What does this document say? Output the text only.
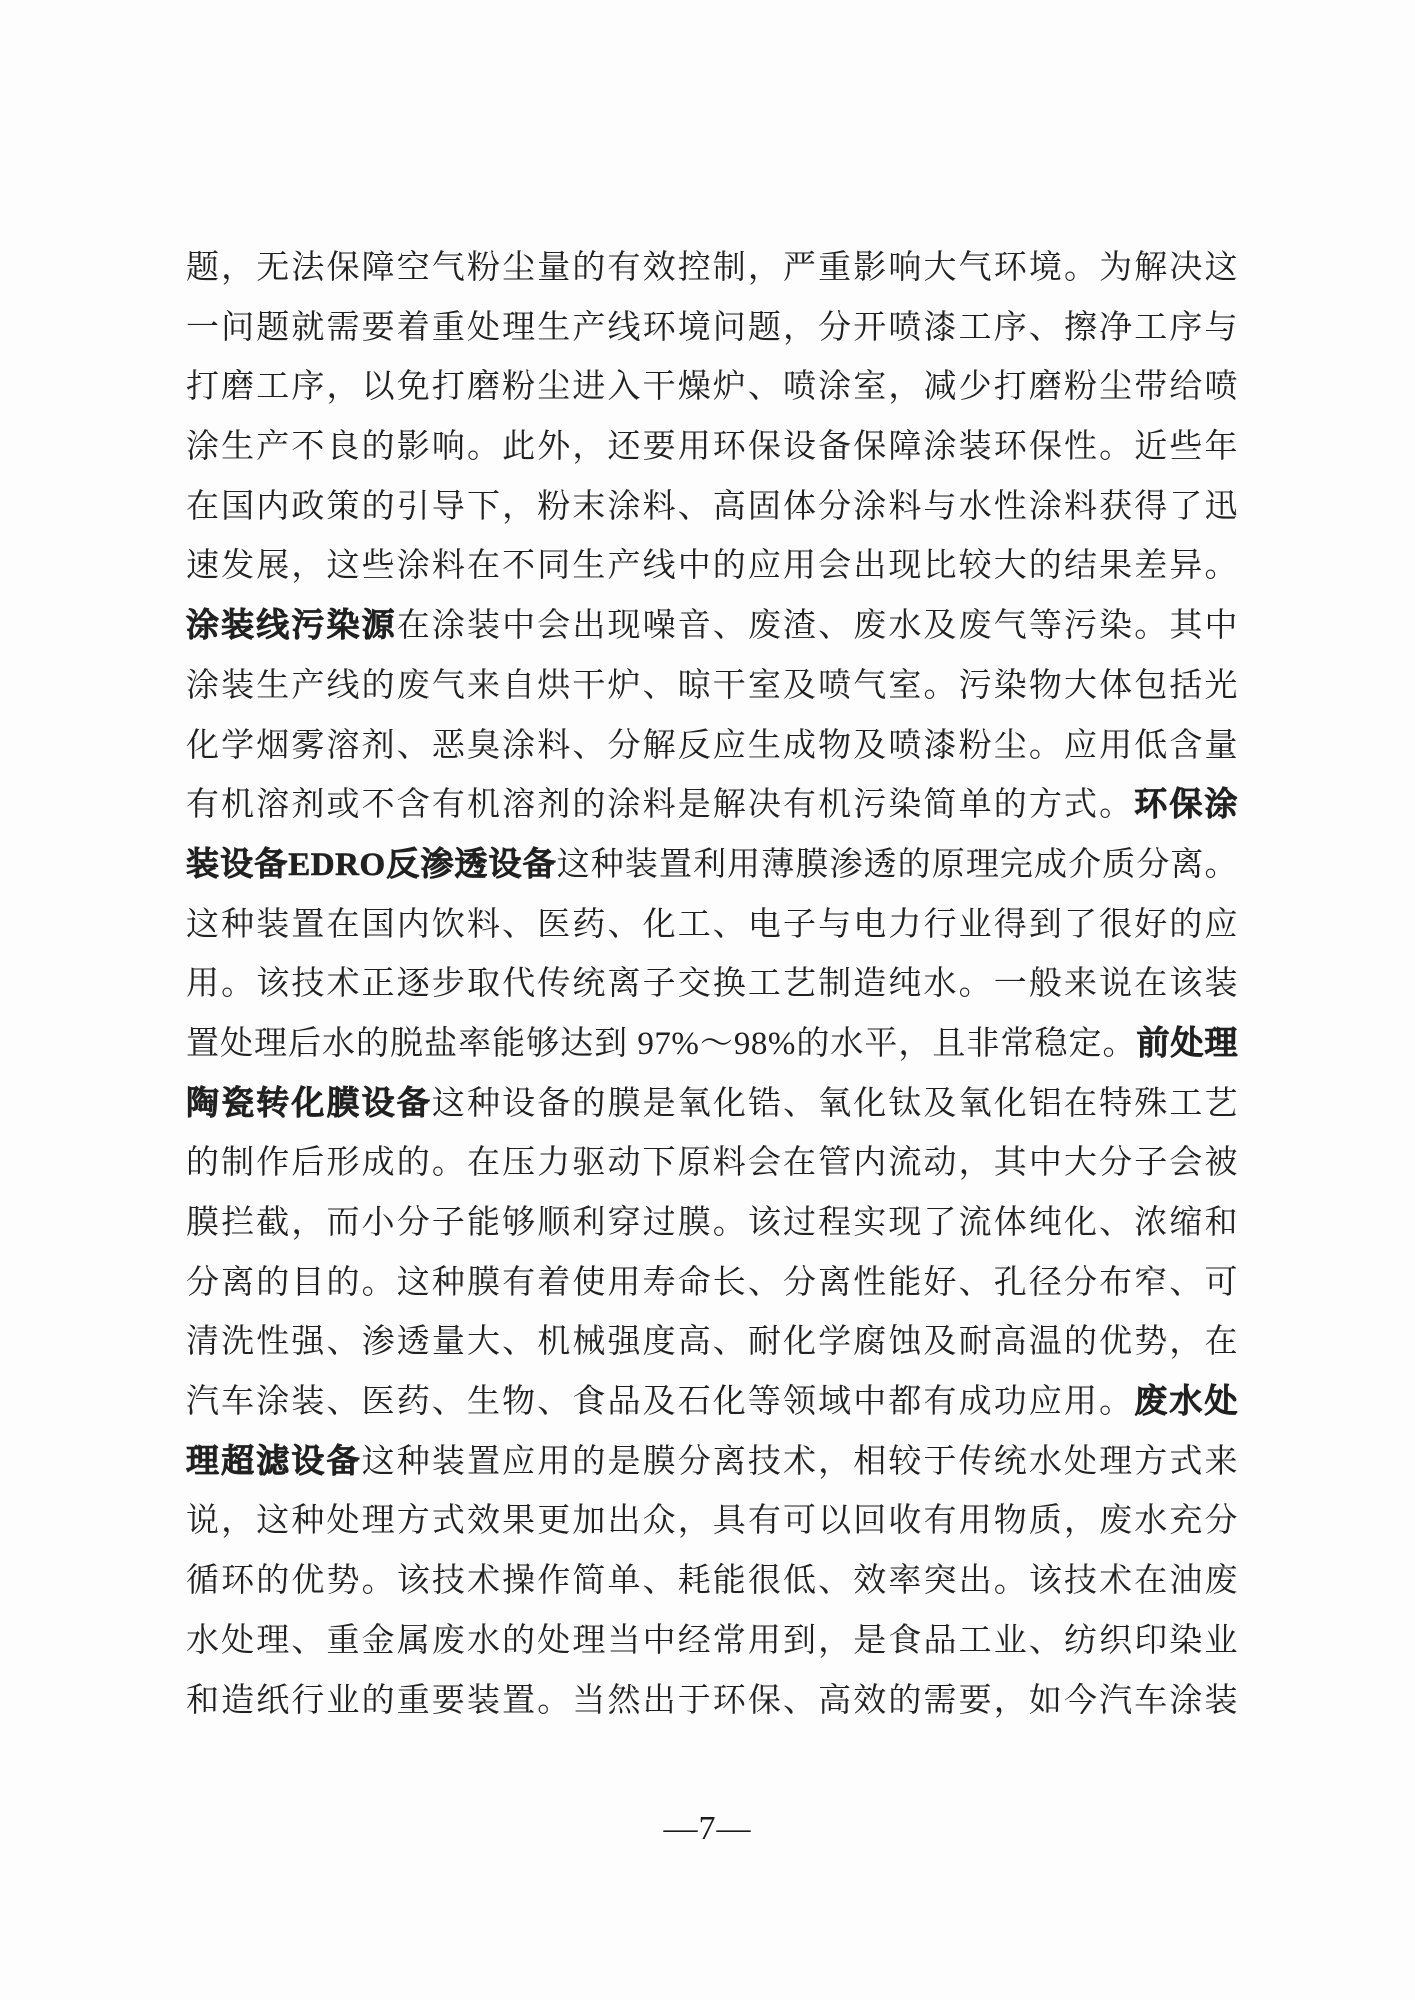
题，无法保障空气粉尘量的有效控制，严重影响大气环境。为解决这
一问题就需要着重处理生产线环境问题，分开喷漆工序、擦净工序与
打磨工序，以免打磨粉尘进入干燥炉、喷涂室，减少打磨粉尘带给喷
涂生产不良的影响。此外，还要用环保设备保障涂装环保性。近些年
在国内政策的引导下，粉末涂料、高固体分涂料与水性涂料获得了迅
速发展，这些涂料在不同生产线中的应用会出现比较大的结果差异。
涂装线污染源在涂装中会出现噪音、废渣、废水及废气等污染。其中
涂装生产线的废气来自烘干炉、晾干室及喷气室。污染物大体包括光
化学烟雾溶剂、恶臭涂料、分解反应生成物及喷漆粉尘。应用低含量
有机溶剂或不含有机溶剂的涂料是解决有机污染简单的方式。环保涂
装设备EDRO反渗透设备这种装置利用薄膜渗透的原理完成介质分离。
这种装置在国内饮料、医药、化工、电子与电力行业得到了很好的应
用。该技术正逐步取代传统离子交换工艺制造纯水。一般来说在该装
置处理后水的脱盐率能够达到 97%～98%的水平，且非常稳定。前处理
陶瓷转化膜设备这种设备的膜是氧化锆、氧化钛及氧化铝在特殊工艺
的制作后形成的。在压力驱动下原料会在管内流动，其中大分子会被
膜拦截，而小分子能够顺利穿过膜。该过程实现了流体纯化、浓缩和
分离的目的。这种膜有着使用寿命长、分离性能好、孔径分布窄、可
清洗性强、渗透量大、机械强度高、耐化学腐蚀及耐高温的优势，在
汽车涂装、医药、生物、食品及石化等领域中都有成功应用。废水处
理超滤设备这种装置应用的是膜分离技术，相较于传统水处理方式来
说，这种处理方式效果更加出众，具有可以回收有用物质，废水充分
循环的优势。该技术操作简单、耗能很低、效率突出。该技术在油废
水处理、重金属废水的处理当中经常用到，是食品工业、纺织印染业
和造纸行业的重要装置。当然出于环保、高效的需要，如今汽车涂装
—7—
